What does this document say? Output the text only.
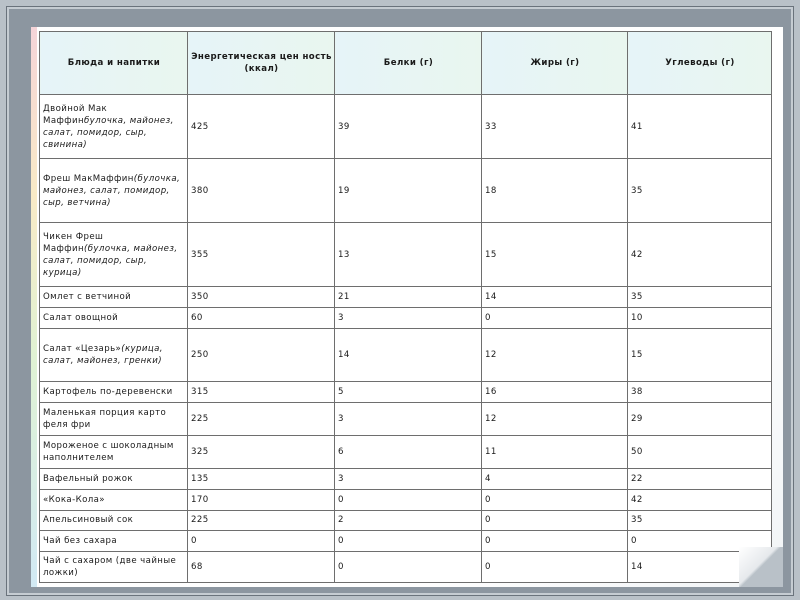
Блюда и напитки	Энергетическая цен ность (ккал)	Белки (г)	Жиры (г)	Углеводы (г)
Двойной Мак Маффинбулочка, майонез, салат, помидор, сыр, свинина)	425	39	33	41
Фреш МакМаффин(булочка, майонез, салат, помидор, сыр, ветчина)	380	19	18	35
Чикен Фреш Маффин(булочка, майонез, салат, помидор, сыр, курица)	355	13	15	42
Омлет с ветчиной	350	21	14	35
Салат овощной	60	3	0	10
Салат «Цезарь»(курица, салат, майонез, гренки)	250	14	12	15
Картофель по-деревенски	315	5	16	38
Маленькая порция карто феля фри	225	3	12	29
Мороженое с шоколадным наполнителем	325	6	11	50
Вафельный рожок	135	3	4	22
«Кока-Кола»	170	0	0	42
Апельсиновый сок	225	2	0	35
Чай без сахара	0	0	0	0
Чай с сахаром (две чайные ложки)	68	0	0	14
